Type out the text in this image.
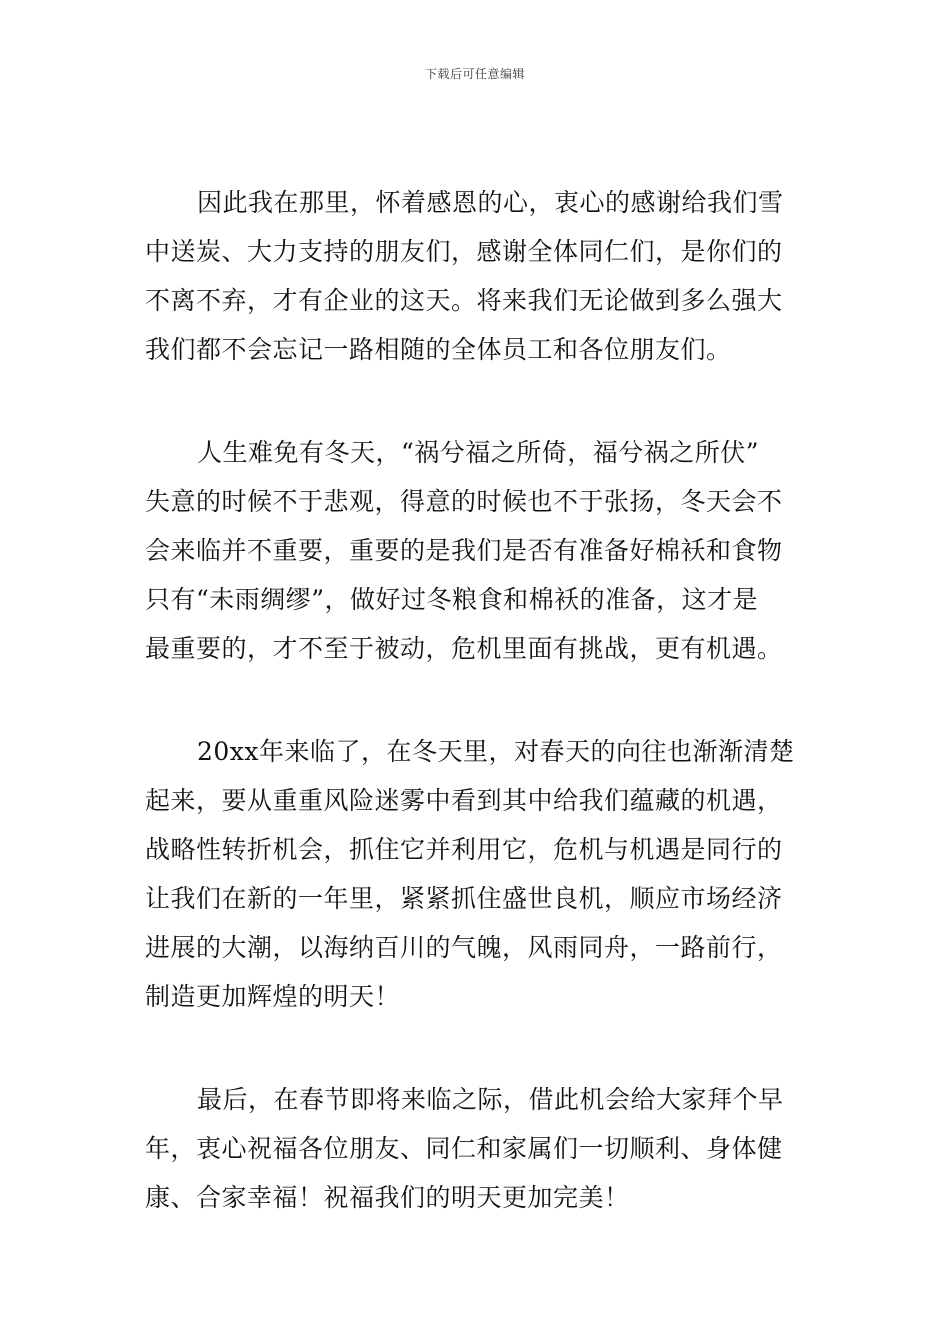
下载后可任意编辑
因此我在那里，怀着感恩的心，衷心的感谢给我们雪
中送炭、大力支持的朋友们，感谢全体同仁们，是你们的
不离不弃，才有企业的这天。将来我们无论做到多么强大
我们都不会忘记一路相随的全体员工和各位朋友们。
人生难免有冬天，“祸兮福之所倚，福兮祸之所伏”
失意的时候不于悲观，得意的时候也不于张扬，冬天会不
会来临并不重要，重要的是我们是否有准备好棉袄和食物
只有“未雨绸缪”，做好过冬粮食和棉袄的准备，这才是
最重要的，才不至于被动，危机里面有挑战，更有机遇。
20xx年来临了，在冬天里，对春天的向往也渐渐清楚
起来，要从重重风险迷雾中看到其中给我们蕴藏的机遇，
战略性转折机会，抓住它并利用它，危机与机遇是同行的
让我们在新的一年里，紧紧抓住盛世良机，顺应市场经济
进展的大潮，以海纳百川的气魄，风雨同舟，一路前行，
制造更加辉煌的明天！
最后，在春节即将来临之际，借此机会给大家拜个早
年，衷心祝福各位朋友、同仁和家属们一切顺利、身体健
康、合家幸福！祝福我们的明天更加完美！
